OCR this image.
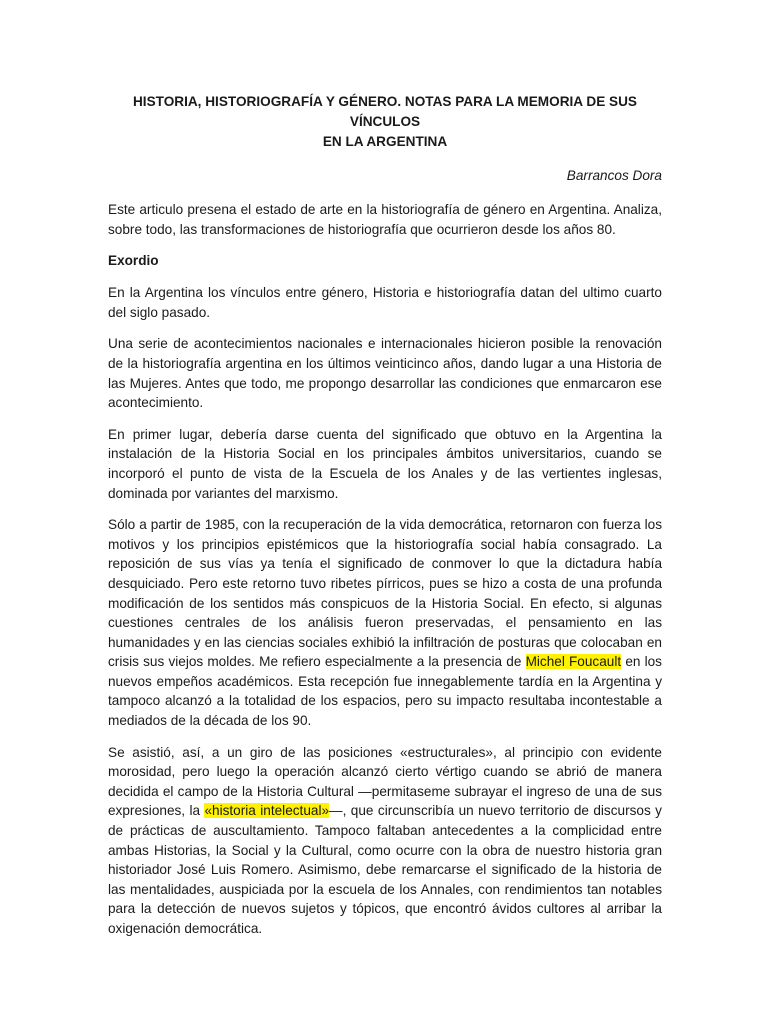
HISTORIA, HISTORIOGRAFÍA Y GÉNERO. NOTAS PARA LA MEMORIA DE SUS VÍNCULOS
EN LA ARGENTINA
Barrancos Dora

Este articulo presena el estado de arte en la historiografía de género en Argentina. Analiza, sobre todo, las transformaciones de historiografía que ocurrieron desde los años 80.

Exordio

En la Argentina los vínculos entre género, Historia e historiografía datan del ultimo cuarto del siglo pasado.

Una serie de acontecimientos nacionales e internacionales hicieron posible la renovación de la historiografía argentina en los últimos veinticinco años, dando lugar a una Historia de las Mujeres. Antes que todo, me propongo desarrollar las condiciones que enmarcaron ese acontecimiento.

En primer lugar, debería darse cuenta del significado que obtuvo en la Argentina la instalación de la Historia Social en los principales ámbitos universitarios, cuando se incorporó el punto de vista de la Escuela de los Anales y de las vertientes inglesas, dominada por variantes del marxismo.

Sólo a partir de 1985, con la recuperación de la vida democrática, retornaron con fuerza los motivos y los principios epistémicos que la historiografía social había consagrado. La reposición de sus vías ya tenía el significado de conmover lo que la dictadura había desquiciado. Pero este retorno tuvo ribetes pírricos, pues se hizo a costa de una profunda modificación de los sentidos más conspicuos de la Historia Social. En efecto, si algunas cuestiones centrales de los análisis fueron preservadas, el pensamiento en las humanidades y en las ciencias sociales exhibió la infiltración de posturas que colocaban en crisis sus viejos moldes. Me refiero especialmente a la presencia de Michel Foucault en los nuevos empeños académicos. Esta recepción fue innegablemente tardía en la Argentina y tampoco alcanzó a la totalidad de los espacios, pero su impacto resultaba incontestable a mediados de la década de los 90.

Se asistió, así, a un giro de las posiciones «estructurales», al principio con evidente morosidad, pero luego la operación alcanzó cierto vértigo cuando se abrió de manera decidida el campo de la Historia Cultural —permitaseme subrayar el ingreso de una de sus expresiones, la «historia intelectual»—, que circunscribía un nuevo territorio de discursos y de prácticas de auscultamiento. Tampoco faltaban antecedentes a la complicidad entre ambas Historias, la Social y la Cultural, como ocurre con la obra de nuestro historia gran historiador José Luis Romero. Asimismo, debe remarcarse el significado de la historia de las mentalidades, auspiciada por la escuela de los Annales, con rendimientos tan notables para la detección de nuevos sujetos y tópicos, que encontró ávidos cultores al arribar la oxigenación democrática.
